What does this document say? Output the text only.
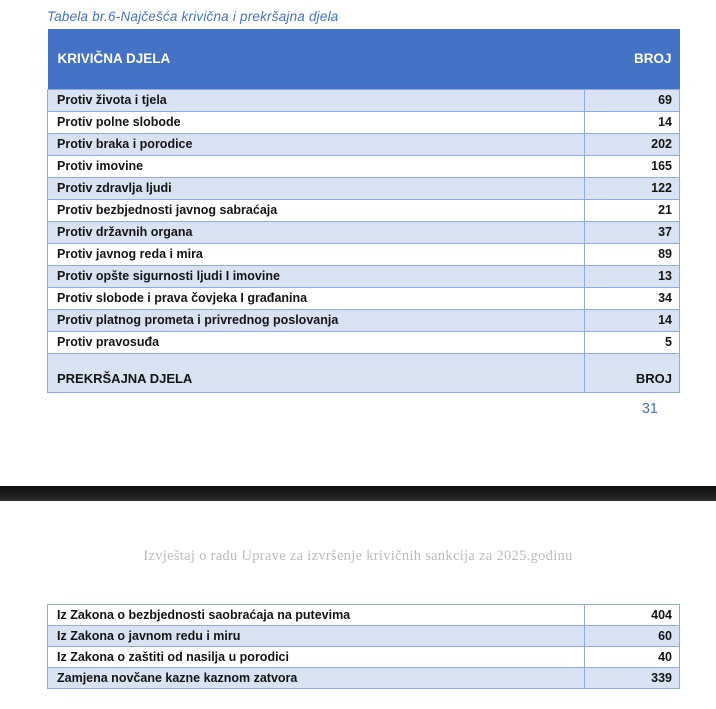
Tabela br.6-Najčešća krivična i prekršajna djela
KRIVIČNA DJELA	BROJ
Protiv života i tjela	69
Protiv polne slobode	14
Protiv braka i porodice	202
Protiv imovine	165
Protiv zdravlja ljudi	122
Protiv bezbjednosti javnog sabraćaja	21
Protiv državnih organa	37
Protiv javnog reda i mira	89
Protiv opšte sigurnosti ljudi I imovine	13
Protiv slobode i prava čovjeka I građanina	34
Protiv platnog prometa i privrednog poslovanja	14
Protiv pravosuđa	5
PREKRŠAJNA DJELA	BROJ
31
Izvještaj o radu Uprave za izvršenje krivičnih sankcija za 2025.godinu
Iz Zakona o bezbjednosti saobraćaja na putevima	404
Iz Zakona o javnom redu i miru	60
Iz Zakona o zaštiti od nasilja u porodici	40
Zamjena novčane kazne kaznom zatvora	339
